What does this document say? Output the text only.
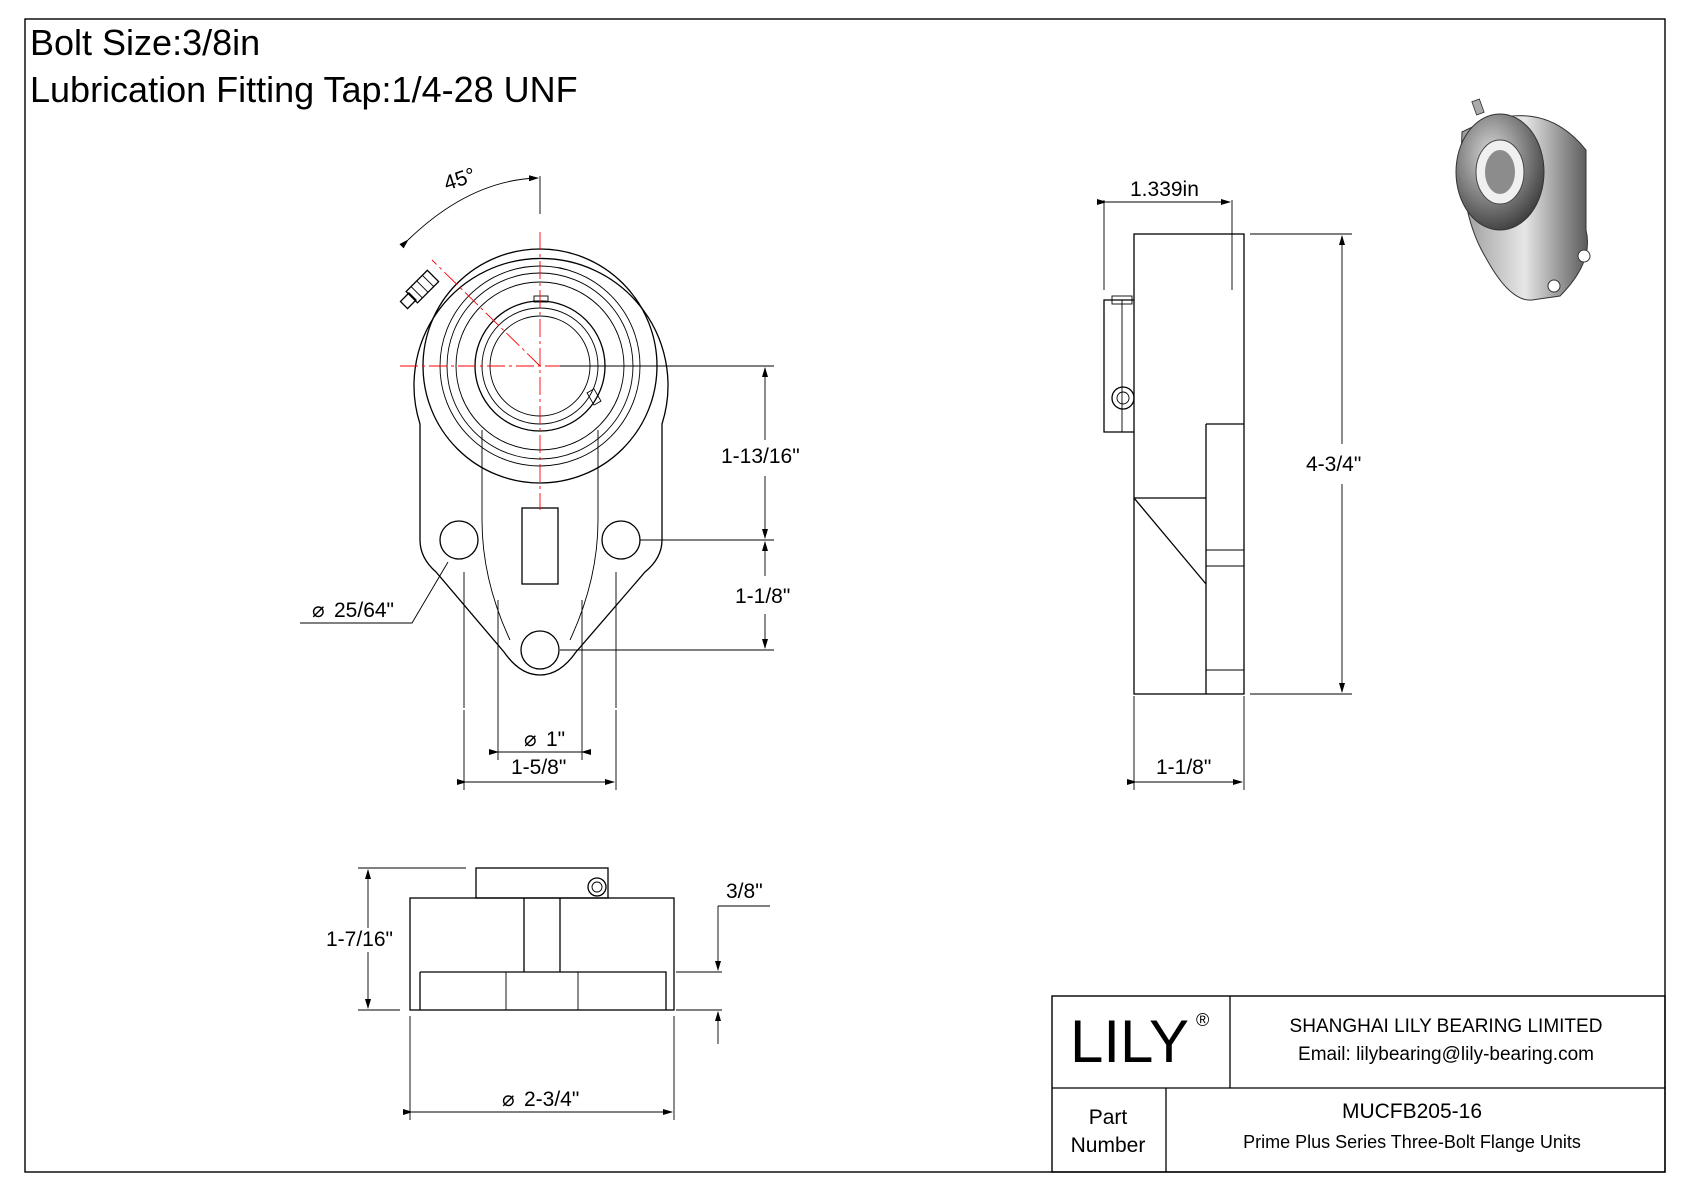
Bolt Size:3/8in
Lubrication Fitting Tap:1/4-28 UNF
45°
1-13/16"
1-1/8"
⌀ 1"
1-5/8"
⌀ 25/64"
1.339in
4-3/4"
1-1/8"
1-7/16"
3/8"
⌀ 2-3/4"
LILY ®	SHANGHAI LILY BEARING LIMITED
Email: lilybearing@lily-bearing.com
Part
Number
MUCFB205-16
Prime Plus Series Three-Bolt Flange Units
